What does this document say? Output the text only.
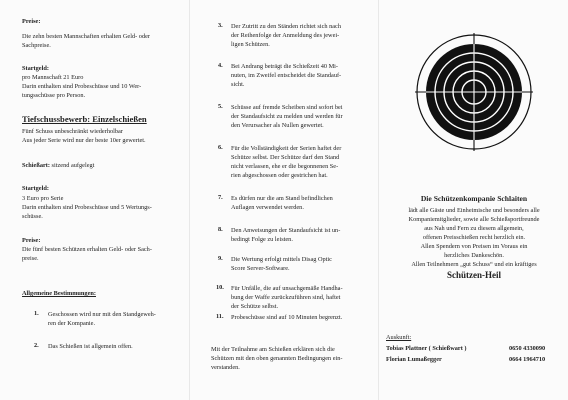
Preise:
Die zehn besten Mannschaften erhalten Geld- oder
Sachpreise.
Startgeld:
pro Mannschaft 21 Euro
Darin enthalten sind Probeschüsse und 10 Wer-
tungsschüsse pro Person.
Tiefschussbewerb: Einzelschießen
Fünf Schuss unbeschränkt wiederholbar
Aus jeder Serie wird nur der beste 10er gewertet.
Schießart: sitzend aufgelegt
Startgeld:
3 Euro pro Serie
Darin enthalten sind Probeschüsse und 5 Wertungs-
schüsse.
Preise:
Die fünf besten Schützen erhalten Geld- oder Sach-
preise.
Allgemeine Bestimmungen:
1. Geschossen wird nur mit den Standgeweh-
ren der Kompanie.
2. Das Schießen ist allgemein offen.
3. Der Zutritt zu den Ständen richtet sich nach
der Reihenfolge der Anmeldung des jewei-
ligen Schützen.
4. Bei Andrang beträgt die Schießzeit 40 Mi-
nuten, im Zweifel entscheidet die Standauf-
sicht.
5. Schüsse auf fremde Scheiben sind sofort bei
der Standaufsicht zu melden und werden für
den Verursacher als Nullen gewertet.
6. Für die Vollständigkeit der Serien haftet der
Schütze selbst. Der Schütze darf den Stand
nicht verlassen, ehe er die begonnenen Se-
rien abgeschossen oder gestrichen hat.
7. Es dürfen nur die am Stand befindlichen
Auflagen verwendet werden.
8. Den Anweisungen der Standaufsicht ist un-
bedingt Folge zu leisten.
9. Die Wertung erfolgt mittels Disag Optic
Score Server-Software.
10. Für Unfälle, die auf unsachgemäße Handha-
bung der Waffe zurückzuführen sind, haftet
der Schütze selbst.
11. Probeschüsse sind auf 10 Minuten begrenzt.
Mit der Teilnahme am Schießen erklären sich die
Schützen mit den oben genannten Bedingungen ein-
verstanden.
Die Schützenkompanie Schlaiten
lädt alle Gäste und Einheimische und besonders alle
Kompaniemitglieder, sowie alle Schießsportfreunde
aus Nah und Fern zu diesem allgemein,
offenen Preisschießen recht herzlich ein.
Allen Spendern von Preisen im Voraus ein
herzliches Dankeschön.
Allen Teilnehmern „gut Schuss“ und ein kräftiges
Schützen-Heil
Auskunft:
Tobias Plattner ( Schießwart )	0650 4330090
Florian Lumaßegger	0664 1964710
